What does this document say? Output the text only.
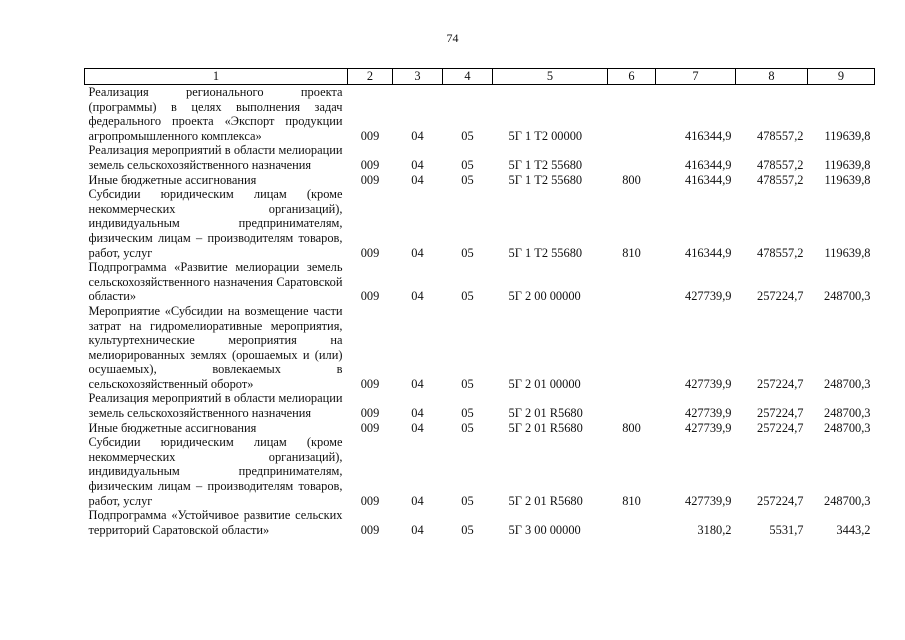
74
1	2	3	4	5	6	7	8	9
Реализация регионального проекта (программы) в целях выполнения задач федерального проекта «Экспорт продукции агропромышленного комплекса»	009	04	05	5Г 1 Т2 00000		416344,9	478557,2	119639,8
Реализация мероприятий в области мелиорации земель сельскохозяйственного назначения	009	04	05	5Г 1 Т2 55680		416344,9	478557,2	119639,8
Иные бюджетные ассигнования	009	04	05	5Г 1 Т2 55680	800	416344,9	478557,2	119639,8
Субсидии юридическим лицам (кроме некоммерческих организаций), индивидуальным предпринимателям, физическим лицам – производителям товаров, работ, услуг	009	04	05	5Г 1 Т2 55680	810	416344,9	478557,2	119639,8
Подпрограмма «Развитие мелиорации земель сельскохозяйственного назначения Саратовской области»	009	04	05	5Г 2 00 00000		427739,9	257224,7	248700,3
Мероприятие «Субсидии на возмещение части затрат на гидромелиоративные мероприятия, культуртехнические мероприятия на мелиорированных землях (орошаемых и (или) осушаемых), вовлекаемых в сельскохозяйственный оборот»	009	04	05	5Г 2 01 00000		427739,9	257224,7	248700,3
Реализация мероприятий в области мелиорации земель сельскохозяйственного назначения	009	04	05	5Г 2 01 R5680		427739,9	257224,7	248700,3
Иные бюджетные ассигнования	009	04	05	5Г 2 01 R5680	800	427739,9	257224,7	248700,3
Субсидии юридическим лицам (кроме некоммерческих организаций), индивидуальным предпринимателям, физическим лицам – производителям товаров, работ, услуг	009	04	05	5Г 2 01 R5680	810	427739,9	257224,7	248700,3
Подпрограмма «Устойчивое развитие сельских территорий Саратовской области»	009	04	05	5Г 3 00 00000		3180,2	5531,7	3443,2
